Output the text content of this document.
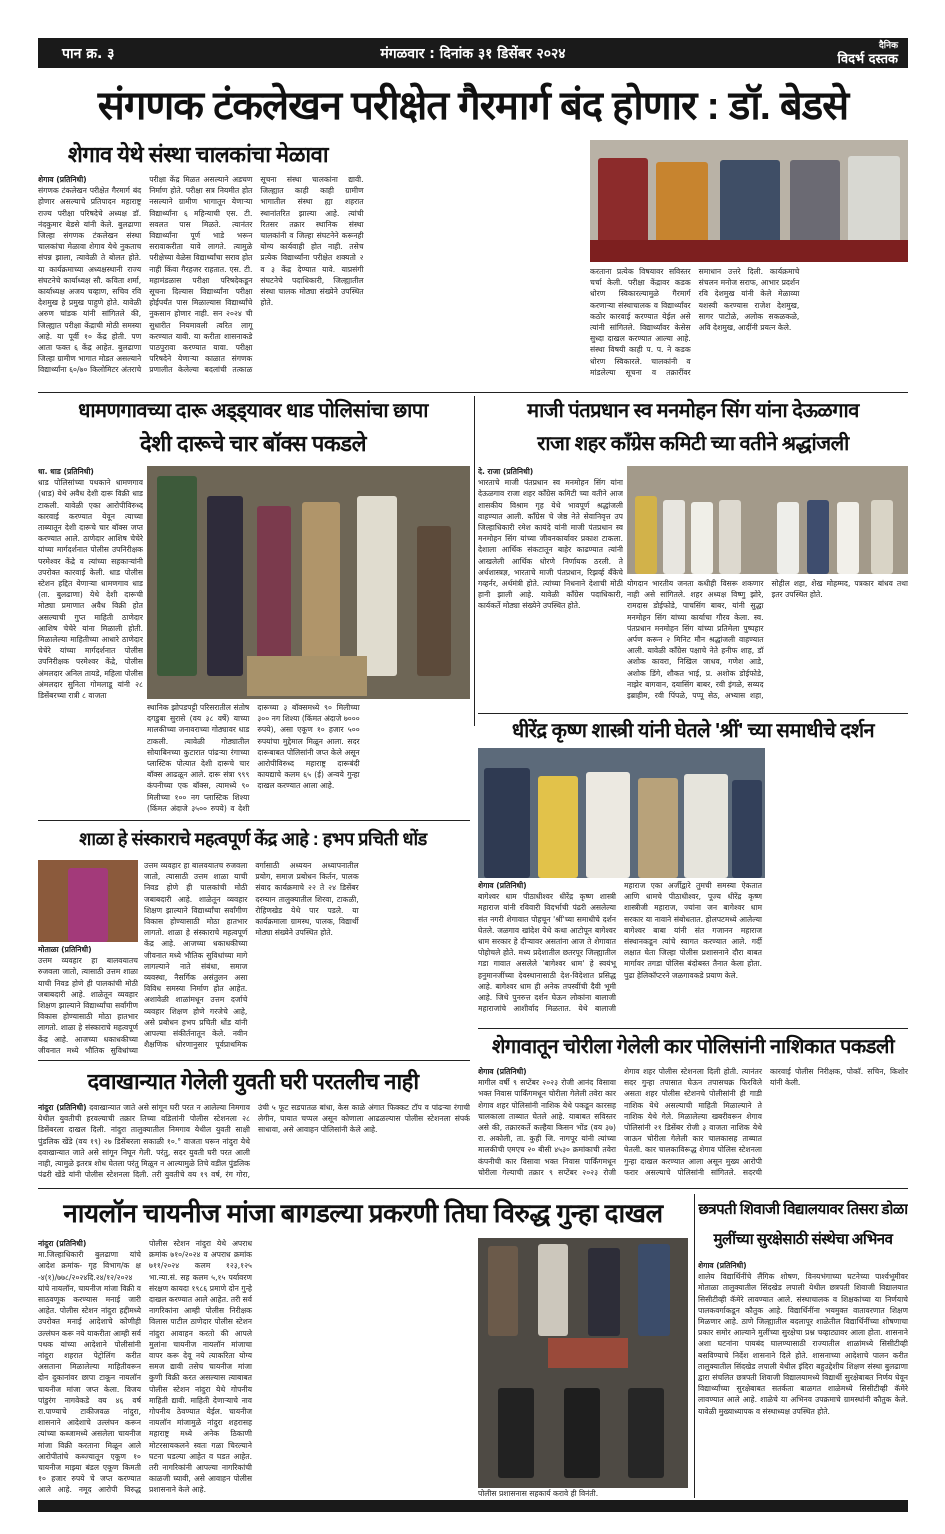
पान क्र. ३	मंगळवार : दिनांक ३१ डिसेंबर २०२४	दैनिक
विदर्भ दस्तक
संगणक टंकलेखन परीक्षेत गैरमार्ग बंद होणार : डॉ. बेडसे
शेगाव येथे संस्था चालकांचा मेळावा
शेगाव (प्रतिनिधी)
संगणक टंकलेखन परीक्षेत गैरमार्ग बंद होणार असल्याचे प्रतिपादन महाराष्ट्र राज्य परीक्षा परिषदेचे अध्यक्ष डॉ. नंदकुमार बेडसे यांनी केले. बुलढाणा जिल्हा संगणक टंकलेखन संस्था चालकांचा मेळावा शेगाव येथे नुकताच संपन्न झाला, त्यावेळी ते बोलत होते. या कार्यक्रमाच्या अध्यक्षस्थानी राज्य संघटनेचे कार्याध्यक्ष सौ. कविता शर्मा, कार्याध्यक्ष अजय चव्हाण, सचिव रवि देशमुख हे प्रमुख पाहुणे होते. यावेळी अरुण चांडक यांनी सांगितले की, जिल्ह्यात परीक्षा केंद्राची मोठी समस्या आहे. या पूर्वी १० केंद्र होती. पण आता फक्त ६ केंद्र आहेत. बुलढाणा जिल्हा ग्रामीण भागात मोडत असल्याने विद्यार्थ्यांना ६०/७० किलोमिटर अंतराचे परीक्षा केंद्र मिळत असल्याने अडचण निर्माण होते. परीक्षा सत्र नियमीत होत नसल्याने ग्रामीण भागातून येणाऱ्या विद्यार्थ्यांना ६ महिन्याची एस. टी. सवलत पास मिळते. त्यानंतर विद्यार्थ्यांना पूर्ण भाडे भरून सरावाकरीता यावे लागते. त्यामुळे परीक्षेच्या वेळेस विद्यार्थ्यांचा सराव होत नाही किंवा गैरहजर राहतात. एस. टी. महामंडळास परीक्षा परिषदेकडून सूचना दिल्यास विद्यार्थ्यांना परीक्षा होईपर्यंत पास मिळाल्यास विद्यार्थ्यांचे नुकसान होणार नाही. सन २०२४ ची सुधारीत नियमावली त्वरित लागू करण्यात यावी. या करीता शासनाकडे पाठपुरावा करण्यात यावा. परीक्षा परिषदेने येणाऱ्या काळात संगणक प्रणालीत केलेल्या बदलांची तत्काळ सूचना संस्था चालकांना द्यावी. जिल्ह्यात काही काही ग्रामीण भागातील संस्था ह्या शहरात स्थानांतरित झाल्या आहे. त्यांची रितसर तक्रार स्थानिक संस्था चालकांनी व जिल्हा संघटनेने करूनही योग्य कार्यवाही होत नाही. तसेच प्रत्येक विद्यार्थ्यांना परीक्षेत शक्यतो २ व ३ केंद्र देण्यात यावे. याप्रसंगी संघटनेचे पदाधिकारी, जिल्ह्यातील संस्था चालक मोठ्या संख्येने उपस्थित होते.
करताना प्रत्येक विषयावर सविस्तर चर्चा केली. परीक्षा केंद्रावर कडक धोरण स्विकारल्यामुळे गैरमार्ग करणाऱ्या संस्थाचालक व विद्यार्थ्यांवर कठोर कारवाई करण्यात येईल असे त्यांनी सांगितले. विद्यार्थ्यांवर केसेस सुध्दा दाखल करण्यात आल्या आहे. संस्था विषयी काही प. प. ने कडक धोरण स्विकारले. चालकांनी व मांडलेल्या सूचना व तक्रारींवर समाधान उत्तरे दिली. कार्यक्रमाचे संचलन मनोज सराफ, आभार प्रदर्शन रवि देशमुख यांनी केले मेळाव्या यशस्वी करण्यास राजेश देशमुख, सागर पाटोळे, अलोक सकळकळे, अवि देशमुख, आदींनी प्रयत्न केले.
धामणगावच्या दारू अड्ड्यावर धाड पोलिसांचा छापा
देशी दारूचे चार बॉक्स पकडले
धा. धाड (प्रतिनिधी)
धाड पोलिसांच्या पथकाने धामणगाव (धाड) येथे अवैध देशी दारू विक्री धाड टाकली. यावेळी एका आरोपीविरुध्द कारवाई करण्यात येवून त्याच्या ताब्यातून देशी दारूचे चार बॉक्स जप्त करण्यात आले. ठाणेदार आशिष चेचेरे यांच्या मार्गदर्शनात पोलीस उपनिरीक्षक परमेश्वर केंद्रे व त्यांच्या सहकाऱ्यांनी उपरोक्त कारवाई केली. धाड पोलीस स्टेशन हद्दित येणाऱ्या धामणगाव धाड (ता. बुलढाणा) येथे देशी दारूची मोठ्या प्रमाणात अवैध विक्री होत असल्याची गुप्त माहिती ठाणेदार आशिष चेचेरे यांना मिळाली होती. मिळालेल्या माहितीच्या आधारे ठाणेदार चेचेरे यांच्या मार्गदर्शनात पोलीस उपनिरीक्षक परमेश्वर केंद्रे, पोलीस अंमलदार अनिल तायडे, महिला पोलीस अंमलदार सुनिता गोमलाडू यांनी २८ डिसेंबरच्या रात्री ८ वाजता
स्थानिक झोपडपट्टी परिसरातील संतोष दगडुबा सुरासे (वय ३८ वर्षे) याच्या मालकीच्या जनावराच्या गोठ्यावर धाड टाकली. त्यावेळी गोठ्यातील सोयाबिनच्या कुटारात पांढऱ्या रंगाच्या प्लास्टिक पोत्यात देशी दारूचे चार बॉक्स आढळून आले. दारू संत्रा ९९९ कंपनीच्या एक बॉक्स, त्यामध्ये ९० मिलीच्या १०० नग प्लास्टिक शिश्या (किंमत अंदाजे ३५०० रुपये) व देशी दारूच्या ३ बॉक्समध्ये ९० मिलीच्या ३०० नग शिश्या (किंमत अंदाजे ७००० रुपये), असा एकूण १० हजार ५०० रुपयांचा मुद्देमाल मिळून आला. सदर दारूबाबत पोलिसांनी जप्त केले असून आरोपीविरुध्द महाराष्ट्र दारूबंदी कायद्याचे कलम ६५ (ई) अन्वये गुन्हा दाखल करण्यात आला आहे.
माजी पंतप्रधान स्व मनमोहन सिंग यांना देऊळगाव
राजा शहर काँग्रेस कमिटी च्या वतीने श्रद्धांजली
दे. राजा (प्रतिनिधी)
भारताचे माजी पंतप्रधान स्व मनमोहन सिंग यांना देऊळगाव राजा शहर काँग्रेस कमिटी च्या वतीने आज शासकीय विश्राम गृह येथे भावपूर्ण श्रद्धांजली वाहण्यात आली. काँग्रेस चे जेष्ठ नेते सेवानिवृत्त उप जिल्हाधिकारी रमेश कायंदे यांनी माजी पंतप्रधान स्व मनमोहन सिंग यांच्या जीवनकार्यावर प्रकाश टाकला. देशाला आर्थिक संकटातून बाहेर काढण्यात त्यांनी आखलेली आर्थिक धोरणे निर्णायक ठरली. ते अर्थशास्त्रज्ञ, भारताचे माजी पंतप्रधान, रिझर्व्ह बँकेचे गव्हर्नर, अर्थमंत्री होते. त्यांच्या निधनाने देशाची मोठी हानी झाली आहे. यावेळी काँग्रेस पदाधिकारी, कार्यकर्ते मोठ्या संख्येने उपस्थित होते.
योगदान भारतीय जनता कधीही विसरू शकणार नाही असे सांगितले. शहर अध्यक्ष विष्णु झोरे, रामदास डोईफोडे, पाचसिंग बाबर, यांनी सुद्धा मनमोहन सिंग यांच्या कार्याचा गौरव केला. स्व. पंतप्रधान मनमोहन सिंग यांच्या प्रतिमेला पुष्पहार अर्पण करून २ मिनिट मौन श्रद्धांजली वाहण्यात आली. यावेळी काँग्रेस पक्षाचे नेते हनीफ शाह, डॉ अशोक कावरा, निखिल जाधव, गणेश आडे, अशोक डिंगे, शौकत भाई, प्र. अशोक डोईफोडे, नाझेर बागवान, दयासिंग बाबर, रवी इंगळे, सय्यद इब्राहीम, रवी पिंपळे, पप्पू सेठ, अभ्यास शहा, सोहील शहा, शेख मोहम्मद, पत्रकार बांधव तथा इतर उपस्थित होते.
धीरेंद्र कृष्ण शास्त्री यांनी घेतले 'श्रीं' च्या समाधीचे दर्शन
शेगाव (प्रतिनिधी)
बागेश्वर धाम पीठाधीश्वर धीरेंद्र कृष्ण शास्त्री महाराज यांनी रविवारी विदर्भाची पंढरी असलेल्या संत नगरी शेगावात पोहचून 'श्रीं'च्या समाधीचे दर्शन घेतले. जळगाव खांदेश येथे कथा आटोपून बागेश्वर धाम सरकार हे दीऱ्यावर असतांना आज ते शेगावात पोहोचले होते. मध्य प्रदेशातील छतरपूर जिल्ह्यातील गडा गावात असलेले 'बागेश्वर धाम' हे स्वयंभू हनुमानजींच्या देवस्थानासाठी देश-विदेशात प्रसिद्ध आहे. बागेश्वर धाम ही अनेक तपस्वींची दैवी भूमी आहे. जिथे पुनरुत्त दर्शन घेऊन लोकांना बालाजी महाराजांचे आशीर्वाद मिळतात. येथे बालाजी महाराज एका अर्जीद्वारे तुमची समस्या ऐकतात आणि धामचे पीठाधीश्वर, पूज्य धीरेंद्र कृष्ण शास्त्रीजी महाराज, ज्यांना जन बागेश्वर धाम सरकार या नावाने संबोधतात. होलपटमध्ये आलेल्या बागेश्वर बाबा यांनी संत गजानन महाराज संस्थानकडून त्यांचे स्वागत करण्यात आले. गर्दी लक्षात घेता जिल्हा पोलीस प्रशासनाने दौरा बाबत मार्गावर तगडा पोलिस बंदोबस्त तैनात केला होता. पुढा हेलिकॉप्टरने जळगावकडे प्रयाण केले.
शाळा हे संस्काराचे महत्वपूर्ण केंद्र आहे : हभप प्रचिती धोंड
मोताळा (प्रतिनिधी)
उत्तम व्यवहार हा बालवयातच रुजवला जातो, त्यासाठी उत्तम शाळा याची निवड होणे ही पालकांची मोठी जबाबदारी आहे. शाळेतून व्यवहार शिक्षण झाल्याने विद्यार्थ्यांचा सर्वांगीण विकास होण्यासाठी मोठा हातभार लागतो. शाळा हे संस्काराचे महत्वपूर्ण केंद्र आहे. आजच्या धकाधकीच्या जीवनात मध्ये भौतिक सुविधांच्या
उत्तम व्यवहार हा बालवयातच रुजवला जातो, त्यासाठी उत्तम शाळा याची निवड होणे ही पालकांची मोठी जबाबदारी आहे. शाळेतून व्यवहार शिक्षण झाल्याने विद्यार्थ्यांचा सर्वांगीण विकास होण्यासाठी मोठा हातभार लागतो. शाळा हे संस्काराचे महत्वपूर्ण केंद्र आहे. आजच्या धकाधकीच्या जीवनात मध्ये भौतिक सुविधांच्या मागे लागल्याने नाते संबंधा, समाज व्यवस्था, नैसर्गिक असंतुलन असा विविध समस्या निर्माण होत आहेत. अशावेळी शाळांमधून उत्तम दर्जाचे व्यवहार शिक्षण होणे गरजेचे आहे, असे प्रबोधन हभप प्रचिती धोंड यांनी आपल्या संकीर्तनातून केले. नवीन शैक्षणिक धोरणानुसार पूर्वप्राथमिक वर्गासाठी अध्ययन अध्यापनातील प्रयोग, समाज प्रबोधन किर्तन, पालक संवाद कार्यक्रमाचे २२ ते २४ डिसेंबर दरम्यान तालुक्यातील शिरवा, टाकळी, रोहिणखेड येथे पार पडले. या कार्यक्रमाला ग्रामस्थ, पालक, विद्यार्थी मोठ्या संख्येने उपस्थित होते.
शेगावातून चोरीला गेलेली कार पोलिसांनी नाशिकात पकडली
शेगाव (प्रतिनिधी)
मागील वर्षी ९ सप्टेंबर २०२३ रोजी आनंद विसावा भक्त निवास पार्किंगमधून चोरीला गेलेली तवेरा कार शेगाव शहर पोलिसांनी नाशिक येथे पकडून कारसह चालकाला ताब्यात घेतले आहे. याबाबत सविस्तर असे की, तक्रारकर्ते कल्हैया किसन भोंड (वय ३७) रा. अकोली, ता. कुही जि. नागपूर यांनी त्यांच्या मालकीची एमएच २० बीसी ४५३० क्रमांकाची तवेरा कंपनीची कार विसावा भक्त निवास पार्किंगमधून चोरीला गेल्याची तक्रार ९ सप्टेंबर २०२३ रोजी शेगाव शहर पोलीस स्टेशनला दिली होती. त्यानंतर सदर गुन्हा तपासात घेऊन तपासचक्र फिरविले असता शहर पोलीस स्टेशनचे पोलीसांनी ही गाडी नाशिक येथे असल्याची माहिती मिळाल्याने ते नाशिक येथे गेले. मिळालेल्या खबरीवरून शेगाव पोलिसांनी २१ डिसेंबर रोजी ३ वाजता नाशिक येथे जाऊन चोरीला गेलेली कार चालकासह ताब्यात घेतली. कार चालकाविरूद्ध शेगाव पोलिस स्टेशनला गुन्हा दाखल करण्यात आला असून मुख्य आरोपी फरार असल्याचे पोलिसांनी सांगितले. सदरची कारवाई पोलीस निरीक्षक, पोकॉ. सचिन, किशोर यांनी केली.
दवाखान्यात गेलेली युवती घरी परतलीच नाही
नांदुरा (प्रतिनिधी) दवाखान्यात जाते असे सांगून घरी परत न आलेल्या निमगाव येथील युवतीची हरवल्याची तक्रार तिच्या वडिलांनी पोलीस स्टेशनला २८ डिसेंबरला दाखल दिली. नांदुरा तालुक्यातील निमगाव येथील युवती साक्षी पुंडलिक खेंडे (वय १९) २७ डिसेंबरला सकाळी १०.° वाजता घरून नांदुरा येथे दवाखान्यात जाते असे सांगून निघून गेली. परंतु, सदर युवती घरी परत आली नाही, त्यामुळे इतरत्र शोध घेतला परंतु मिळून न आल्यामुळे तिचे वडील पुंडलिक पंढरी खेंडे यांनी पोलीस स्टेशनला दिली. तरी युवतीचे वय १९ वर्ष, रंग गोरा, उंची ५ फूट सडपातळ बांधा, केस काळे अंगात फिक्कट टॉप व पांढऱ्या रंगाची लेगीन, पायात चप्पल असून कोणाला आढळल्यास पोलीस स्टेशनला संपर्क साधावा, असे आवाहन पोलिसांनी केले आहे.
नायलॉन चायनीज मांजा बागडल्या प्रकरणी तिघा विरुद्ध गुन्हा दाखल
नांदुरा (प्रतिनिधी)
मा.जिल्हाधिकारी बुलढाणा यांचे आदेश क्रमांक- गृह विभाग/क क्ष -४(१)/७७८/२०२४दि.२४/१२/२०२४ यांचे नायलॉन, चायनीज मांजा विक्री व साठवणूक करण्यास मनाई जारी आहेत. पोलीस स्टेशन नांदुरा हद्दीमध्ये उपरोक्त मनाई आदेशाचे कोणीही उल्लंघन करू नये याकरीता आम्ही सर्व पथक यांच्या आदेशाने पोलीसांनी नांदुरा शहरात पेट्रोलिंग करीत असताना मिळालेल्या माहितीवरून दोन दुकानांवर छापा टाकून नायलॉन चायनीज मांजा जप्त केला. विजय पांडुरंग नागवेकडे वय ४६ वर्ष रा.पाण्याचे टाकीजवळ नांदुरा, शासनाने आदेशाचे उल्लंघन करून त्यांच्या कब्जामध्ये असलेला चायनीज मांजा विक्री करताना मिळून आले आरोपीतांचे कब्ज्यातून एकूण १० चायनीज माझ्या बंडल एकूण किमती १० हजार रुपये चे जप्त करण्यात आले आहे. नमूद आरोपी विरुद्ध पोलीस स्टेशन नांदुरा येथे अपराध क्रमांक ७१०/२०२४ व अपराध क्रमांक ७११/२०२४ कलम १२३,१२५ भा.न्या.सं. सह कलम ५,१५ पर्यावरण संरक्षण कायदा १९८६ प्रमाणे दोन गुन्हे दाखल करण्यात आले आहेत. तरी सर्व नागरिकांना आम्ही पोलीस निरीक्षक विलास पाटील ठाणेदार पोलीस स्टेशन नांदुरा आवाहन करतो की आपले मुलांना चायनीज नायलॉन मांजाचा वापर करू देवू नये त्याकरिता योग्य समज द्यावी तसेच चायनीज मांजा कुणी विक्री करत असल्यास त्याबाबत पोलीस स्टेशन नांदुरा येथे गोपनीय माहिती द्यावी. माहिती देणाऱ्याचे नाव गोपनीय ठेवण्यात येईल. चायनीज नायलॉन मांजामुळे नांदुरा शहरासह महाराष्ट्र मध्ये अनेक ठिकाणी मोटरसायकलने स्वतः गळा चिरल्याने घटना घडल्या आहेत व घडत आहेत. तरी नागरिकांनी आपल्या नागरिकांची काळजी घ्यावी, असे आवाहन पोलीस प्रशासनाने केले आहे.	पोलीस प्रशासनास सहकार्य करावे ही विनंती.
छत्रपती शिवाजी विद्यालयावर तिसरा डोळा
मुलींच्या सुरक्षेसाठी संस्थेचा अभिनव
शेगाव (प्रतिनिधी)
शालेय विद्यार्थिनींचे लैंगिक शोषण, विनयभंगाच्या घटनेच्या पार्श्वभूमीवर मोताळा तालुक्यातील सिंदखेड लपाली येथील छत्रपती शिवाजी विद्यालयात सिसीटीव्ही कॅमेरे लावण्यात आले. संस्थाचालक व शिक्षकांच्या या निर्णयाचे पालकवर्गाकडून कौतुक आहे. विद्यार्थिनींना भयमुक्त वातावरणात शिक्षण मिळणार आहे. ठाणे जिल्ह्यातील बदलापूर शाळेतील विद्यार्थिनींच्या शोषणाचा प्रकार समोर आल्याने मुलींच्या सुरक्षेचा प्रश्न चव्हाट्यावर आला होता. शासनाने अशा घटनांना पायबंद घालण्यासाठी राज्यातील शाळांमध्ये सिसीटीव्ही बसविण्याचे निर्देश शासनाने दिले होते. शासनाच्या आदेशाचे पालन करीत तालुक्यातील सिंदखेड लपाली येथील इंदिरा बहुउद्देशीय शिक्षण संस्था बुलढाणा द्वारा संचलित छत्रपती शिवाजी विद्यालयामध्ये विद्यार्थी सुरक्षेबाबत निर्णय घेवून विद्यार्थ्यांच्या सुरक्षेबाबत सतर्कता बाळगत शाळेमध्ये सिसीटीव्ही कॅमेरे लावण्यात आले आहे. शाळेचे या अभिनव उपक्रमाचे ग्रामस्थांनी कौतुक केले. यावेळी मुख्याध्यापक व संस्थाध्यक्ष उपस्थित होते.
